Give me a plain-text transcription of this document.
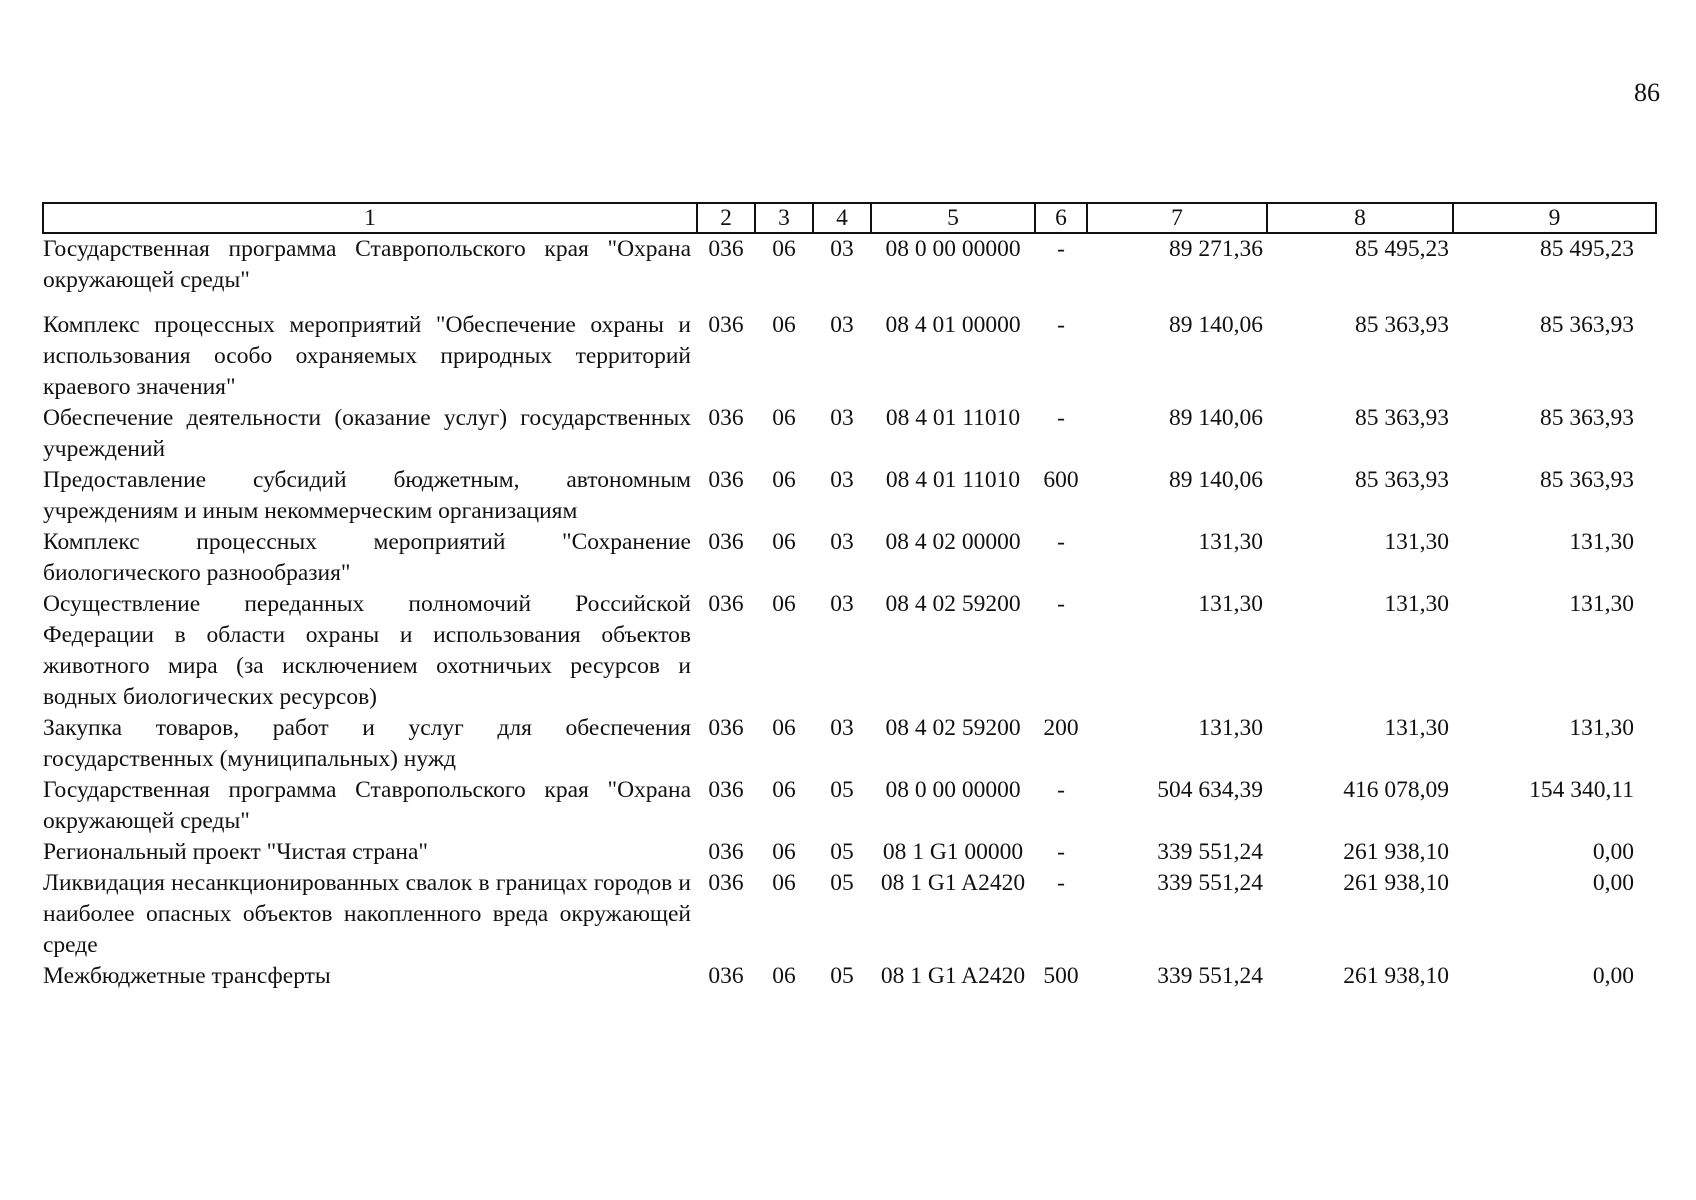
86
1	2	3	4	5	6	7	8	9
Государственная программа Ставропольского края "Охрана окружающей среды"	036	06	03	08 0 00 00000	-	89 271,36	85 495,23	85 495,23
Комплекс процессных мероприятий "Обеспечение охраны и использования особо охраняемых природных территорий краевого значения"	036	06	03	08 4 01 00000	-	89 140,06	85 363,93	85 363,93
Обеспечение деятельности (оказание услуг) государственных учреждений	036	06	03	08 4 01 11010	-	89 140,06	85 363,93	85 363,93
Предоставление субсидий бюджетным, автономным учреждениям и иным некоммерческим организациям	036	06	03	08 4 01 11010	600	89 140,06	85 363,93	85 363,93
Комплекс процессных мероприятий "Сохранение биологического разнообразия"	036	06	03	08 4 02 00000	-	131,30	131,30	131,30
Осуществление переданных полномочий Российской Федерации в области охраны и использования объектов животного мира (за исключением охотничьих ресурсов и водных биологических ресурсов)	036	06	03	08 4 02 59200	-	131,30	131,30	131,30
Закупка товаров, работ и услуг для обеспечения государственных (муниципальных) нужд	036	06	03	08 4 02 59200	200	131,30	131,30	131,30
Государственная программа Ставропольского края "Охрана окружающей среды"	036	06	05	08 0 00 00000	-	504 634,39	416 078,09	154 340,11
Региональный проект "Чистая страна"	036	06	05	08 1 G1 00000	-	339 551,24	261 938,10	0,00
Ликвидация несанкционированных свалок в границах городов и наиболее опасных объектов накопленного вреда окружающей среде	036	06	05	08 1 G1 A2420	-	339 551,24	261 938,10	0,00
Межбюджетные трансферты	036	06	05	08 1 G1 A2420	500	339 551,24	261 938,10	0,00
